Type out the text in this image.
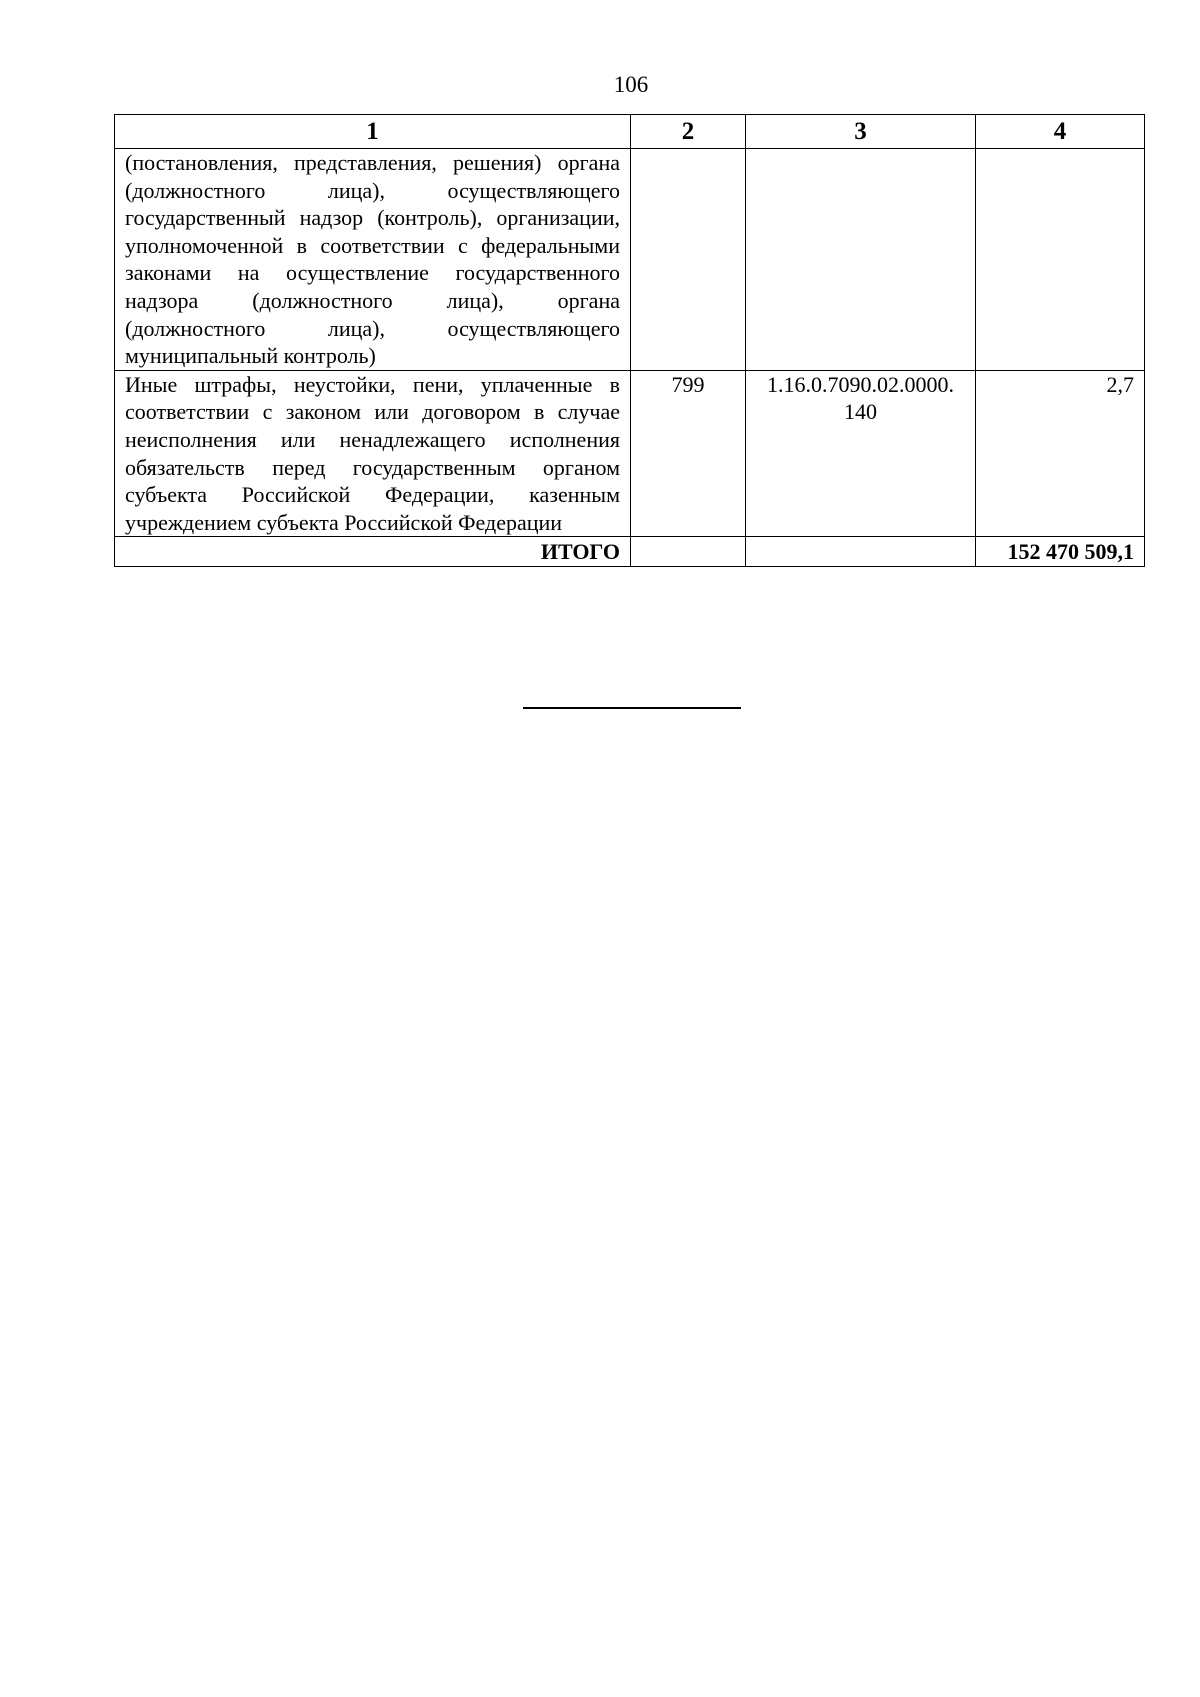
106
1	2	3	4
(постановления, представления, решения) органа (должностного лица), осуществляющего государственный надзор (контроль), организации, уполномоченной в соответствии с федеральными законами на осуществление государственного надзора (должностного лица), органа (должностного лица), осуществляющего муниципальный контроль)			
Иные штрафы, неустойки, пени, уплаченные в соответствии с законом или договором в случае неисполнения или ненадлежащего исполнения обязательств перед государственным органом субъекта Российской Федерации, казенным учреждением субъекта Российской Федерации	799	1.16.0.7090.02.0000. 140	2,7
ИТОГО			152 470 509,1
